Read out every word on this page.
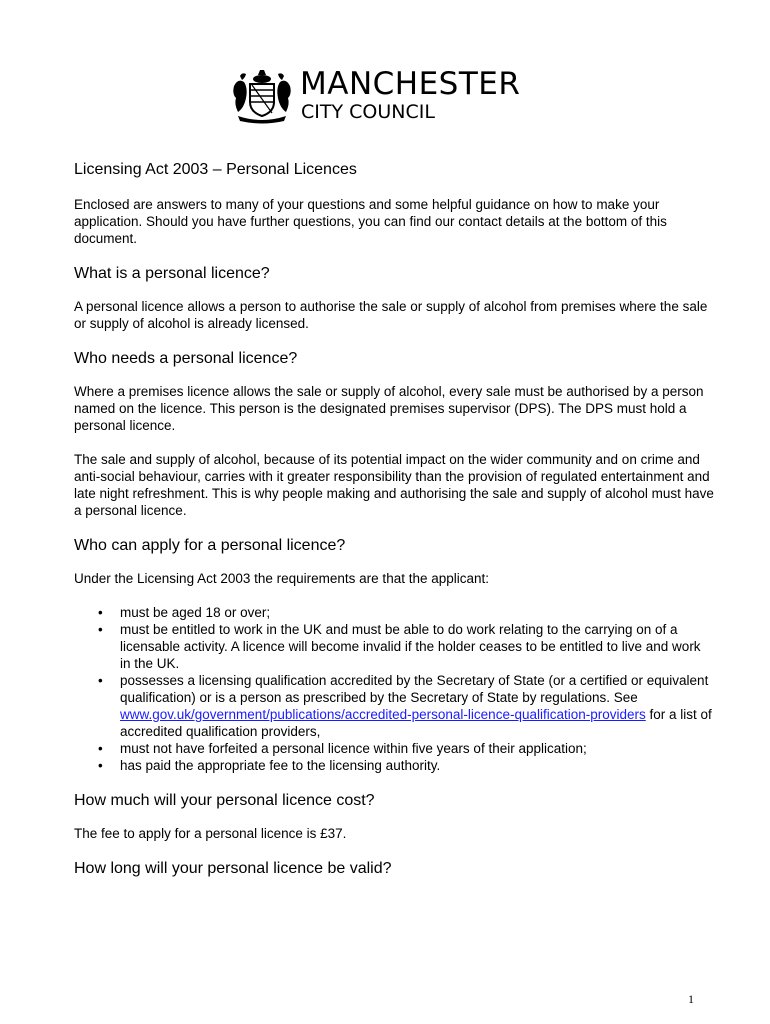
MANCHESTER
CITY COUNCIL
Licensing Act 2003 – Personal Licences

Enclosed are answers to many of your questions and some helpful guidance on how to make your application. Should you have further questions, you can find our contact details at the bottom of this document.

What is a personal licence?

A personal licence allows a person to authorise the sale or supply of alcohol from premises where the sale or supply of alcohol is already licensed.

Who needs a personal licence?

Where a premises licence allows the sale or supply of alcohol, every sale must be authorised by a person named on the licence. This person is the designated premises supervisor (DPS). The DPS must hold a personal licence.

The sale and supply of alcohol, because of its potential impact on the wider community and on crime and anti-social behaviour, carries with it greater responsibility than the provision of regulated entertainment and late night refreshment. This is why people making and authorising the sale and supply of alcohol must have a personal licence.

Who can apply for a personal licence?

Under the Licensing Act 2003 the requirements are that the applicant:

• must be aged 18 or over;
• must be entitled to work in the UK and must be able to do work relating to the carrying on of a licensable activity. A licence will become invalid if the holder ceases to be entitled to live and work in the UK.
• possesses a licensing qualification accredited by the Secretary of State (or a certified or equivalent qualification) or is a person as prescribed by the Secretary of State by regulations. See www.gov.uk/government/publications/accredited-personal-licence-qualification-providers for a list of accredited qualification providers,
• must not have forfeited a personal licence within five years of their application;
• has paid the appropriate fee to the licensing authority.
How much will your personal licence cost?

The fee to apply for a personal licence is £37.

How long will your personal licence be valid?
1
